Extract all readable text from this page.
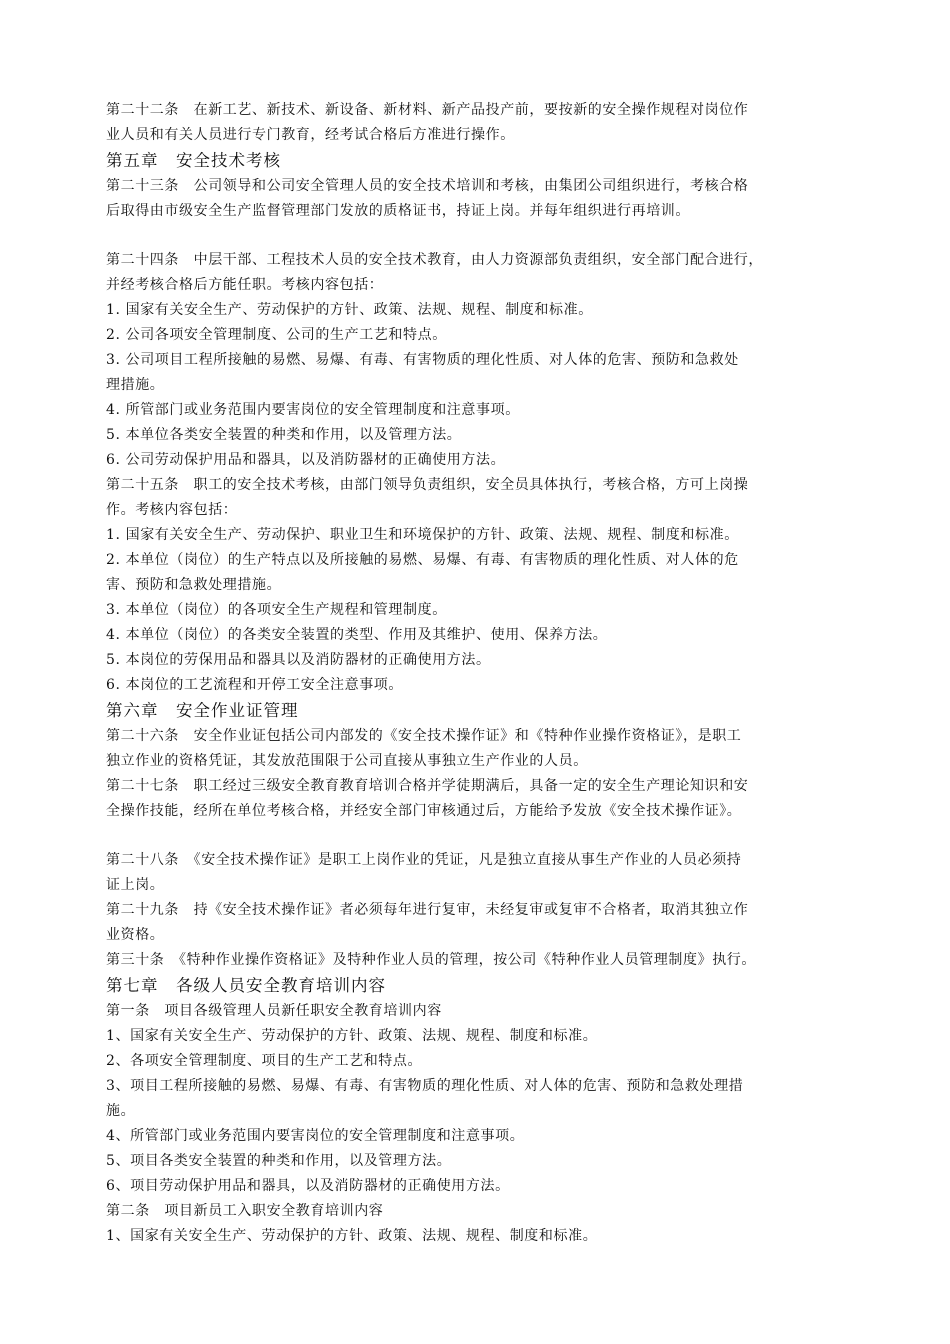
第二十二条　在新工艺、新技术、新设备、新材料、新产品投产前，要按新的安全操作规程对岗位作
业人员和有关人员进行专门教育，经考试合格后方准进行操作。
第五章　安全技术考核
第二十三条　公司领导和公司安全管理人员的安全技术培训和考核，由集团公司组织进行，考核合格
后取得由市级安全生产监督管理部门发放的质格证书，持证上岗。并每年组织进行再培训。
第二十四条　中层干部、工程技术人员的安全技术教育，由人力资源部负责组织，安全部门配合进行，
并经考核合格后方能任职。考核内容包括：
1. 国家有关安全生产、劳动保护的方针、政策、法规、规程、制度和标准。
2. 公司各项安全管理制度、公司的生产工艺和特点。
3. 公司项目工程所接触的易燃、易爆、有毒、有害物质的理化性质、对人体的危害、预防和急救处
理措施。
4. 所管部门或业务范围内要害岗位的安全管理制度和注意事项。
5. 本单位各类安全装置的种类和作用，以及管理方法。
6. 公司劳动保护用品和器具，以及消防器材的正确使用方法。
第二十五条　职工的安全技术考核，由部门领导负责组织，安全员具体执行，考核合格，方可上岗操
作。考核内容包括：
1. 国家有关安全生产、劳动保护、职业卫生和环境保护的方针、政策、法规、规程、制度和标准。
2. 本单位（岗位）的生产特点以及所接触的易燃、易爆、有毒、有害物质的理化性质、对人体的危
害、预防和急救处理措施。
3. 本单位（岗位）的各项安全生产规程和管理制度。
4. 本单位（岗位）的各类安全装置的类型、作用及其维护、使用、保养方法。
5. 本岗位的劳保用品和器具以及消防器材的正确使用方法。
6. 本岗位的工艺流程和开停工安全注意事项。
第六章　安全作业证管理
第二十六条　安全作业证包括公司内部发的《安全技术操作证》和《特种作业操作资格证》，是职工
独立作业的资格凭证，其发放范围限于公司直接从事独立生产作业的人员。
第二十七条　职工经过三级安全教育教育培训合格并学徒期满后，具备一定的安全生产理论知识和安
全操作技能，经所在单位考核合格，并经安全部门审核通过后，方能给予发放《安全技术操作证》。
第二十八条　《安全技术操作证》是职工上岗作业的凭证，凡是独立直接从事生产作业的人员必须持
证上岗。
第二十九条　持《安全技术操作证》者必须每年进行复审，未经复审或复审不合格者，取消其独立作
业资格。
第三十条　《特种作业操作资格证》及特种作业人员的管理，按公司《特种作业人员管理制度》执行。
第七章　各级人员安全教育培训内容
第一条　项目各级管理人员新任职安全教育培训内容
1、国家有关安全生产、劳动保护的方针、政策、法规、规程、制度和标准。
2、各项安全管理制度、项目的生产工艺和特点。
3、项目工程所接触的易燃、易爆、有毒、有害物质的理化性质、对人体的危害、预防和急救处理措
施。
4、所管部门或业务范围内要害岗位的安全管理制度和注意事项。
5、项目各类安全装置的种类和作用，以及管理方法。
6、项目劳动保护用品和器具，以及消防器材的正确使用方法。
第二条　项目新员工入职安全教育培训内容
1、国家有关安全生产、劳动保护的方针、政策、法规、规程、制度和标准。
